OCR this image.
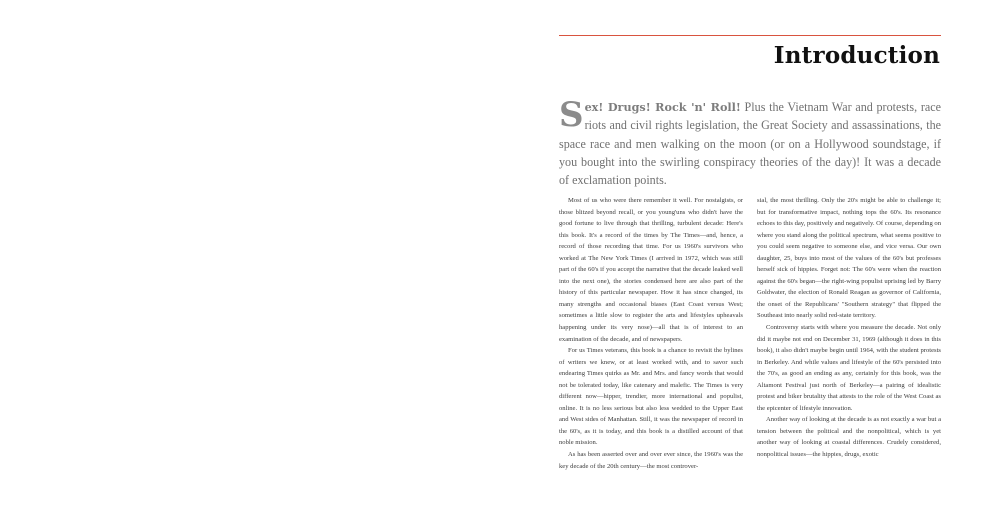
Introduction

Sex! Drugs! Rock 'n' Roll! Plus the Vietnam War and protests, race riots and civil rights legislation, the Great Society and assassinations, the space race and men walking on the moon (or on a Hollywood soundstage, if you bought into the swirling conspiracy theories of the day)! It was a decade of exclamation points.

Most of us who were there remember it well. For nostalgists, or those blitzed beyond recall, or you young'uns who didn't have the good fortune to live through that thrilling, turbulent decade: Here's this book. It's a record of the times by The Times—and, hence, a record of those recording that time. For us 1960's survivors who worked at The New York Times (I arrived in 1972, which was still part of the 60's if you accept the narrative that the decade leaked well into the next one), the stories condensed here are also part of the history of this particular newspaper. How it has since changed, its many strengths and occasional biases (East Coast versus West; sometimes a little slow to register the arts and lifestyles upheavals happening under its very nose)—all that is of interest to an examination of the decade, and of newspapers.

For us Times veterans, this book is a chance to revisit the bylines of writers we knew, or at least worked with, and to savor such endearing Times quirks as Mr. and Mrs. and fancy words that would not be tolerated today, like catenary and malefic. The Times is very different now—hipper, trendier, more international and populist, online. It is no less serious but also less wedded to the Upper East and West sides of Manhattan. Still, it was the newspaper of record in the 60's, as it is today, and this book is a distilled account of that noble mission.

As has been asserted over and over ever since, the 1960's was the key decade of the 20th century—the most controver-

sial, the most thrilling. Only the 20's might be able to challenge it; but for transformative impact, nothing tops the 60's. Its resonance echoes to this day, positively and negatively. Of course, depending on where you stand along the political spectrum, what seems positive to you could seem negative to someone else, and vice versa. Our own daughter, 25, buys into most of the values of the 60's but professes herself sick of hippies. Forget not: The 60's were when the reaction against the 60's began—the right-wing populist uprising led by Barry Goldwater, the election of Ronald Reagan as governor of California, the onset of the Republicans' "Southern strategy" that flipped the Southeast into nearly solid red-state territory.

Controversy starts with where you measure the decade. Not only did it maybe not end on December 31, 1969 (although it does in this book), it also didn't maybe begin until 1964, with the student protests in Berkeley. And while values and lifestyle of the 60's persisted into the 70's, as good an ending as any, certainly for this book, was the Altamont Festival just north of Berkeley—a pairing of idealistic protest and biker brutality that attests to the role of the West Coast as the epicenter of lifestyle innovation.

Another way of looking at the decade is as not exactly a war but a tension between the political and the nonpolitical, which is yet another way of looking at coastal differences. Crudely considered, nonpolitical issues—the hippies, drugs, exotic
